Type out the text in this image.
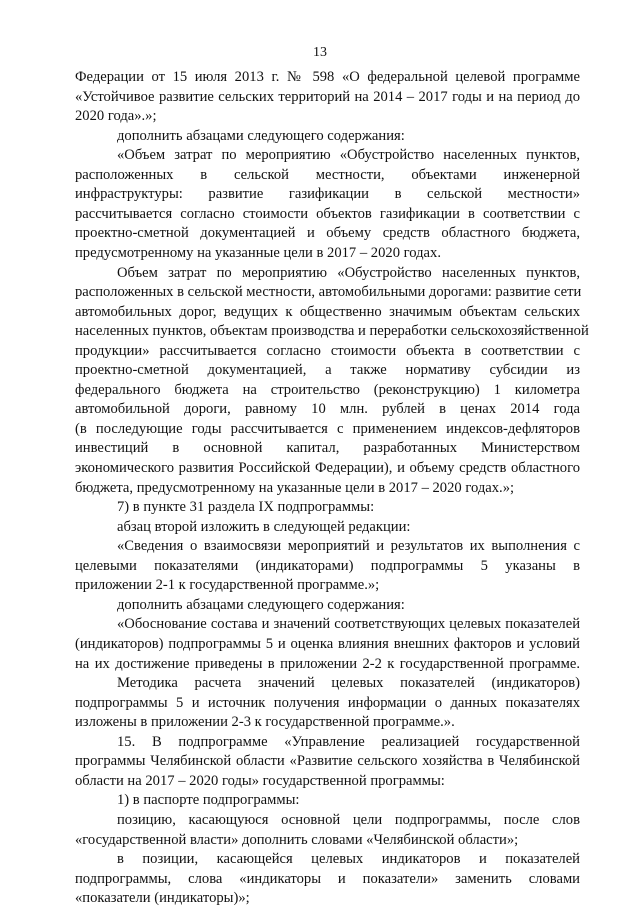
13
Федерации от 15 июля 2013 г. № 598 «О федеральной целевой программе
«Устойчивое развитие сельских территорий на 2014 – 2017 годы и на период до
2020 года».»;
дополнить абзацами следующего содержания:
«Объем затрат по мероприятию «Обустройство населенных пунктов,
расположенных в сельской местности, объектами инженерной
инфраструктуры: развитие газификации в сельской местности»
рассчитывается согласно стоимости объектов газификации в соответствии с
проектно-сметной документацией и объему средств областного бюджета,
предусмотренному на указанные цели в 2017 – 2020 годах.
Объем затрат по мероприятию «Обустройство населенных пунктов,
расположенных в сельской местности, автомобильными дорогами: развитие сети
автомобильных дорог, ведущих к общественно значимым объектам сельских
населенных пунктов, объектам производства и переработки сельскохозяйственной
продукции» рассчитывается согласно стоимости объекта в соответствии с
проектно-сметной документацией, а также нормативу субсидии из
федерального бюджета на строительство (реконструкцию) 1 километра
автомобильной дороги, равному 10 млн. рублей в ценах 2014 года
(в последующие годы рассчитывается с применением индексов-дефляторов
инвестиций в основной капитал, разработанных Министерством
экономического развития Российской Федерации), и объему средств областного
бюджета, предусмотренному на указанные цели в 2017 – 2020 годах.»;
7) в пункте 31 раздела IX подпрограммы:
абзац второй изложить в следующей редакции:
«Сведения о взаимосвязи мероприятий и результатов их выполнения с
целевыми показателями (индикаторами) подпрограммы 5 указаны в
приложении 2-1 к государственной программе.»;
дополнить абзацами следующего содержания:
«Обоснование состава и значений соответствующих целевых показателей
(индикаторов) подпрограммы 5 и оценка влияния внешних факторов и условий
на их достижение приведены в приложении 2-2 к государственной программе.
Методика расчета значений целевых показателей (индикаторов)
подпрограммы 5 и источник получения информации о данных показателях
изложены в приложении 2-3 к государственной программе.».
15. В подпрограмме «Управление реализацией государственной
программы Челябинской области «Развитие сельского хозяйства в Челябинской
области на 2017 – 2020 годы» государственной программы:
1) в паспорте подпрограммы:
позицию, касающуюся основной цели подпрограммы, после слов
«государственной власти» дополнить словами «Челябинской области»;
в позиции, касающейся целевых индикаторов и показателей
подпрограммы, слова «индикаторы и показатели» заменить словами
«показатели (индикаторы)»;
